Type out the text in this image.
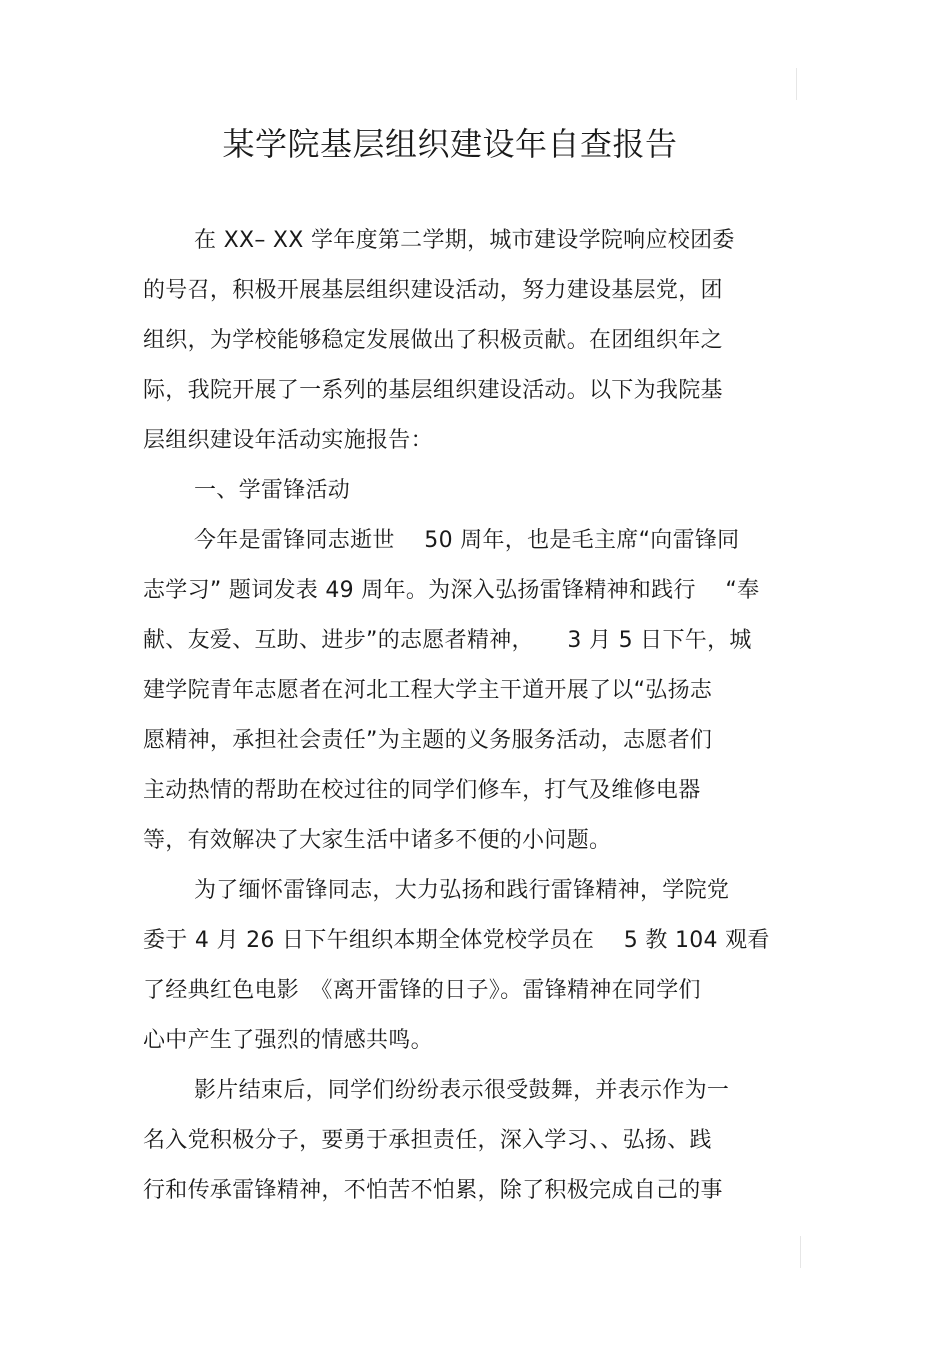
某学院基层组织建设年自查报告
在 XX– XX 学年度第二学期，城市建设学院响应校团委
的号召，积极开展基层组织建设活动，努力建设基层党，团
组织，为学校能够稳定发展做出了积极贡献。在团组织年之
际，我院开展了一系列的基层组织建设活动。以下为我院基
层组织建设年活动实施报告：
一、学雷锋活动
今年是雷锋同志逝世　 50 周年，也是毛主席“向雷锋同
志学习” 题词发表 49 周年。为深入弘扬雷锋精神和践行　 “奉
献、友爱、互助、进步”的志愿者精神，　　3 月 5 日下午，城
建学院青年志愿者在河北工程大学主干道开展了以“弘扬志
愿精神，承担社会责任”为主题的义务服务活动，志愿者们
主动热情的帮助在校过往的同学们修车，打气及维修电器
等，有效解决了大家生活中诸多不便的小问题。
为了缅怀雷锋同志，大力弘扬和践行雷锋精神，学院党
委于 4 月 26 日下午组织本期全体党校学员在　 5 教 104 观看
了经典红色电影　《离开雷锋的日子》。雷锋精神在同学们
心中产生了强烈的情感共鸣。
影片结束后，同学们纷纷表示很受鼓舞，并表示作为一
名入党积极分子，要勇于承担责任，深入学习、、弘扬、践
行和传承雷锋精神，不怕苦不怕累，除了积极完成自己的事
